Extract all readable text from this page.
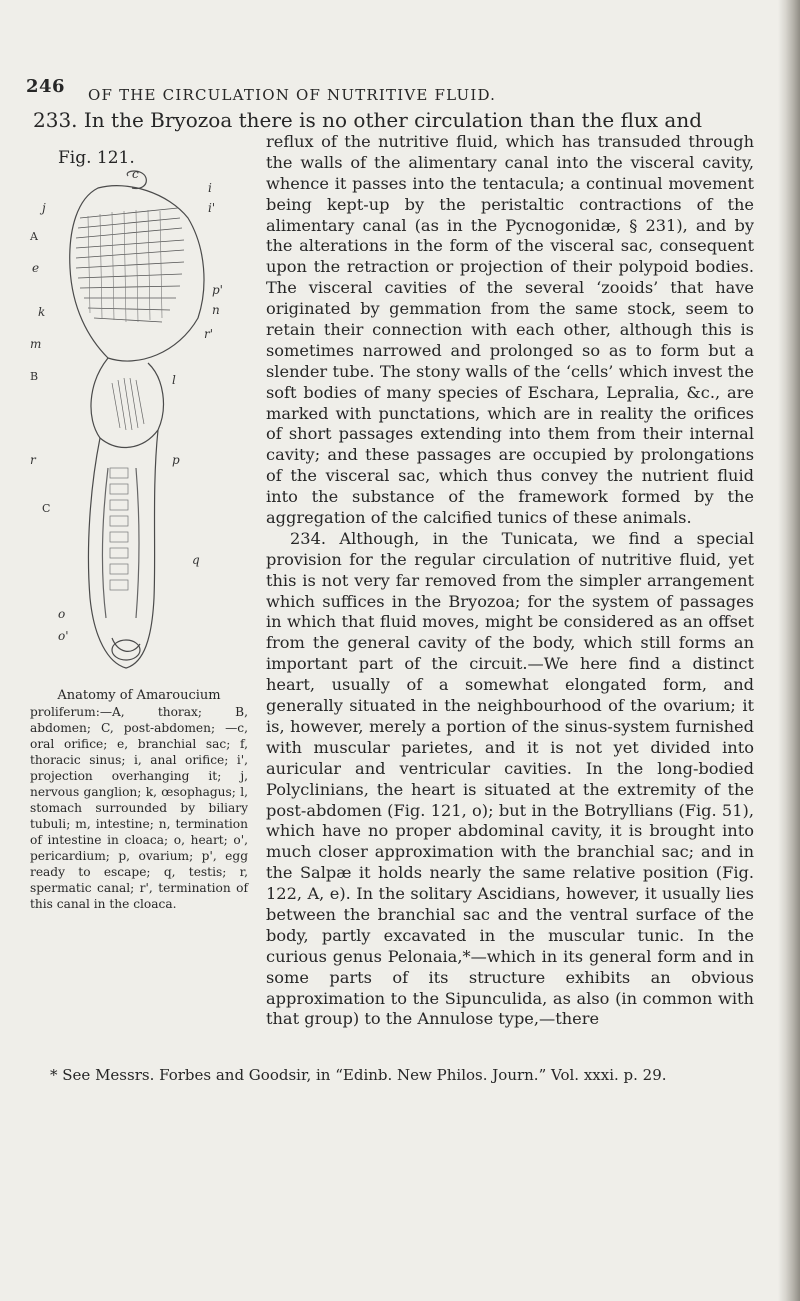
246 OF THE CIRCULATION OF NUTRITIVE FLUID.
233. In the Bryozoa there is no other circulation than the flux and
Fig. 121.
c
j
i
i'
A
e
p'
n
k
r'
m
B	l
r	p
C
q
o
o'
Anatomy of Amaroucium
proliferum:—A, thorax; B, abdomen; C, post-abdomen; —c, oral orifice; e, branchial sac; f, thoracic sinus; i, anal orifice; i', projection overhanging it; j, nervous ganglion; k, œsophagus; l, stomach surrounded by biliary tubuli; m, intestine; n, termination of intestine in cloaca; o, heart; o', pericardium; p, ovarium; p', egg ready to escape; q, testis; r, spermatic canal; r', termination of this canal in the cloaca.

reflux of the nutritive fluid, which has transuded through the walls of the alimentary canal into the visceral cavity, whence it passes into the tentacula; a continual movement being kept-up by the peristaltic contractions of the alimentary canal (as in the Pycnogonidæ, § 231), and by the alterations in the form of the visceral sac, consequent upon the retraction or projection of their polypoid bodies. The visceral cavities of the several ‘zooids’ that have originated by gemmation from the same stock, seem to retain their connection with each other, although this is sometimes narrowed and prolonged so as to form but a slender tube. The stony walls of the ‘cells’ which invest the soft bodies of many species of Eschara, Lepralia, &c., are marked with punctations, which are in reality the orifices of short passages extending into them from their internal cavity; and these passages are occupied by prolongations of the visceral sac, which thus convey the nutrient fluid into the substance of the framework formed by the aggregation of the calcified tunics of these animals.

234. Although, in the Tunicata, we find a special provision for the regular circulation of nutritive fluid, yet this is not very far removed from the simpler arrangement which suffices in the Bryozoa; for the system of passages in which that fluid moves, might be considered as an offset from the general cavity of the body, which still forms an important part of the circuit.—We here find a distinct heart, usually of a somewhat elongated form, and generally situated in the neighbourhood of the ovarium; it is, however, merely a portion of the sinus-system furnished with muscular parietes, and it is not yet divided into auricular and ventricular cavities. In the long-bodied Polyclinians, the heart is situated at the extremity of the post-abdomen (Fig. 121, o); but in the Botryllians (Fig. 51), which have no proper abdominal cavity, it is brought into much closer approximation with the branchial sac; and in the Salpæ it holds nearly the same relative position (Fig. 122, A, e). In the solitary Ascidians, however, it usually lies between the branchial sac and the ventral surface of the body, partly excavated in the muscular tunic. In the curious genus Pelonaia,*—which in its general form and in some parts of its structure exhibits an obvious approximation to the Sipunculida, as also (in common with that group) to the Annulose type,—there

* See Messrs. Forbes and Goodsir, in “Edinb. New Philos. Journ.” Vol. xxxi. p. 29.
